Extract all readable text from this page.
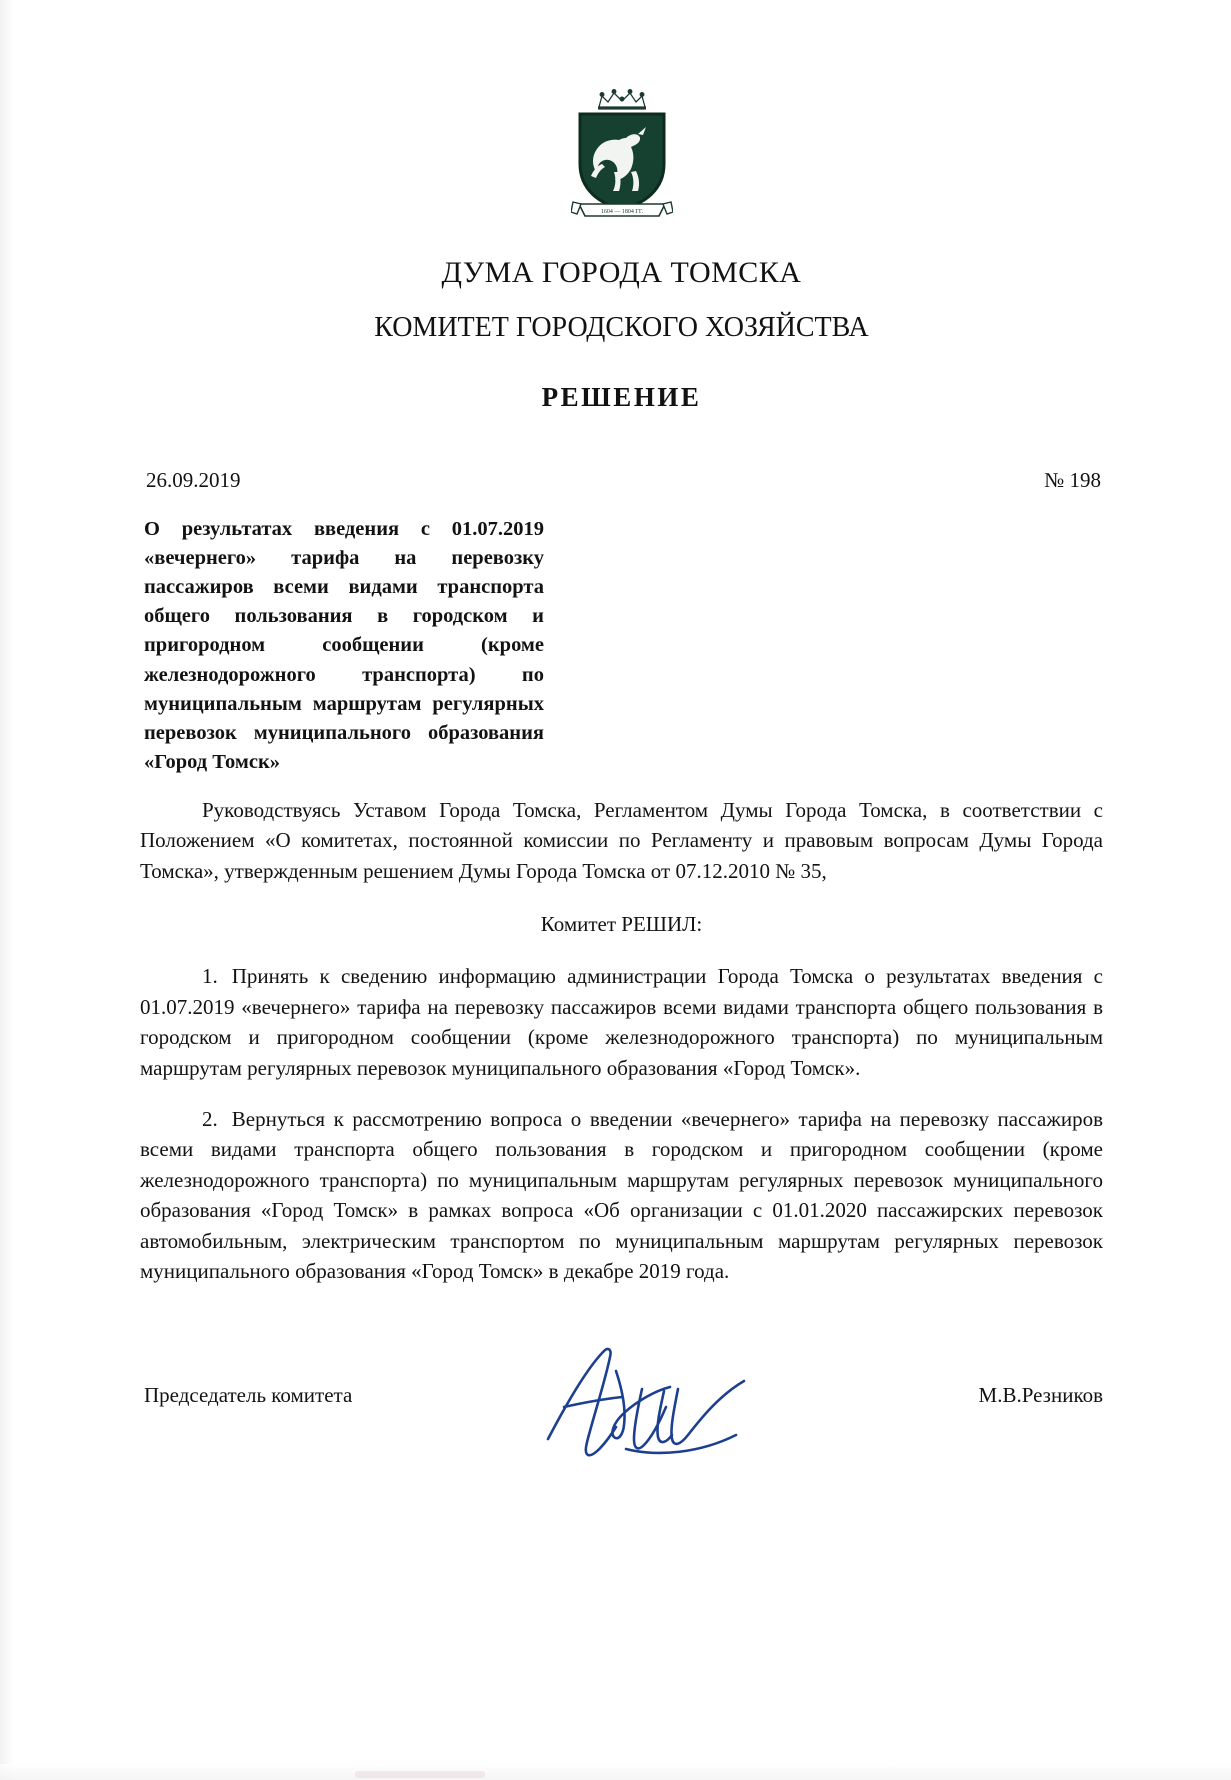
1604 — 1804 ГГ.
ДУМА ГОРОДА ТОМСКА
КОМИТЕТ ГОРОДСКОГО ХОЗЯЙСТВА
РЕШЕНИЕ
26.09.2019	№ 198
О результатах введения с 01.07.2019 «вечернего» тарифа на перевозку пассажиров всеми видами транспорта общего пользования в городском и пригородном сообщении (кроме железнодорожного транспорта) по муниципальным маршрутам регулярных перевозок муниципального образования «Город Томск»

Руководствуясь Уставом Города Томска, Регламентом Думы Города Томска, в соответствии с Положением «О комитетах, постоянной комиссии по Регламенту и правовым вопросам Думы Города Томска», утвержденным решением Думы Города Томска от 07.12.2010 № 35,

Комитет РЕШИЛ:

1. Принять к сведению информацию администрации Города Томска о результатах введения с 01.07.2019 «вечернего» тарифа на перевозку пассажиров всеми видами транспорта общего пользования в городском и пригородном сообщении (кроме железнодорожного транспорта) по муниципальным маршрутам регулярных перевозок муниципального образования «Город Томск».

2. Вернуться к рассмотрению вопроса о введении «вечернего» тарифа на перевозку пассажиров всеми видами транспорта общего пользования в городском и пригородном сообщении (кроме железнодорожного транспорта) по муниципальным маршрутам регулярных перевозок муниципального образования «Город Томск» в рамках вопроса «Об организации с 01.01.2020 пассажирских перевозок автомобильным, электрическим транспортом по муниципальным маршрутам регулярных перевозок муниципального образования «Город Томск» в декабре 2019 года.

Председатель комитета	М.В.Резников
